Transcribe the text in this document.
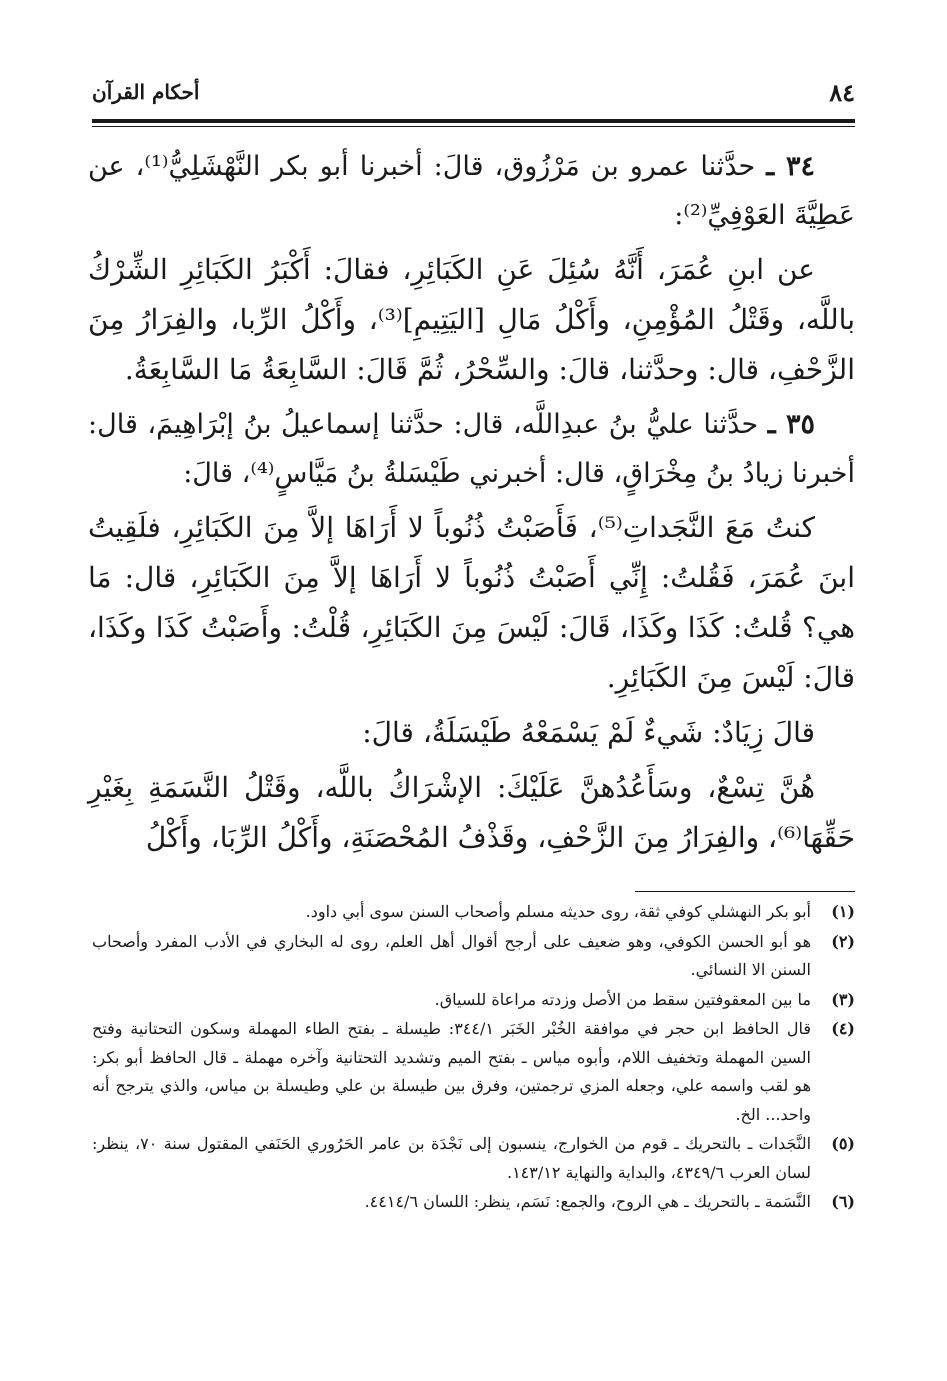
٨٤
أحكام القرآن

٣٤ ـ حدَّثنا عمرو بن مَرْزُوق، قالَ: أخبرنا أبو بكر النَّهْشَلِيُّ⁽¹⁾، عن عَطِيَّةَ العَوْفِيِّ⁽²⁾:

عن ابنِ عُمَرَ، أَنَّهُ سُئِلَ عَنِ الكَبَائِرِ، فقالَ: أَكْبَرُ الكَبَائِرِ الشِّرْكُ باللَّه، وقَتْلُ المُؤْمِنِ، وأَكْلُ مَالِ [اليَتِيمِ]⁽³⁾، وأَكْلُ الرِّبا، والفِرَارُ مِنَ الزَّحْفِ، قال: وحدَّثنا، قالَ: والسِّحْرُ، ثُمَّ قَالَ: السَّابِعَةُ مَا السَّابِعَةُ.

٣٥ ـ حدَّثنا عليُّ بنُ عبدِاللَّه، قال: حدَّثنا إسماعيلُ بنُ إبْرَاهِيمَ، قال: أخبرنا زيادُ بنُ مِخْرَاقٍ، قال: أخبرني طَيْسَلةُ بنُ مَيَّاسٍ⁽⁴⁾، قالَ:

كنتُ مَعَ النَّجَداتِ⁽⁵⁾، فَأَصَبْتُ ذُنُوباً لا أَرَاهَا إلاَّ مِنَ الكَبَائِرِ، فلَقِيتُ ابنَ عُمَرَ، فَقُلتُ: إِنِّي أَصَبْتُ ذُنُوباً لا أَرَاهَا إلاَّ مِنَ الكَبَائِرِ، قال: مَا هي؟ قُلتُ: كَذَا وكَذَا، قَالَ: لَيْسَ مِنَ الكَبَائِرِ، قُلْتُ: وأَصَبْتُ كَذَا وكَذَا، قالَ: لَيْسَ مِنَ الكَبَائِرِ.

قالَ زِيَادٌ: شَيءٌ لَمْ يَسْمَعْهُ طَيْسَلَةُ، قالَ:

هُنَّ تِسْعٌ، وسَأَعُدُهنَّ عَلَيْكَ: الإشْرَاكُ باللَّه، وقَتْلُ النَّسَمَةِ بِغَيْرِ حَقِّهَا⁽⁶⁾، والفِرَارُ مِنَ الزَّحْفِ، وقَذْفُ المُحْصَنَةِ، وأَكْلُ الرِّبَا، وأَكْلُ

(١)
أبو بكر النهشلي كوفي ثقة، روى حديثه مسلم وأصحاب السنن سوى أبي داود.
(٢)
هو أبو الحسن الكوفي، وهو ضعيف على أرجح أقوال أهل العلم، روى له البخاري في الأدب المفرد وأصحاب السنن الا النسائي.
(٣)
ما بين المعقوفتين سقط من الأصل وزدته مراعاة للسياق.
(٤)
قال الحافظ ابن حجر في موافقة الخُبْر الخَبَر ٣٤٤/١: طيسلة ـ بفتح الطاء المهملة وسكون التحتانية وفتح السين المهملة وتخفيف اللام، وأبوه مياس ـ بفتح الميم وتشديد التحتانية وآخره مهملة ـ قال الحافظ أبو بكر: هو لقب واسمه علي، وجعله المزي ترجمتين، وفرق بين طيسلة بن علي وطيسلة بن مياس، والذي يترجح أنه واحد... الخ.
(٥)
النَّجَدات ـ بالتحريك ـ قوم من الخوارج، ينسبون إلى نَجْدَة بن عامر الحَرُوري الحَنَفي المقتول سنة ٧٠، ينظر: لسان العرب ٤٣٤٩/٦، والبداية والنهاية ١٤٣/١٢.
(٦)
النَّسَمة ـ بالتحريك ـ هي الروح، والجمع: نَسَم، ينظر: اللسان ٤٤١٤/٦.
